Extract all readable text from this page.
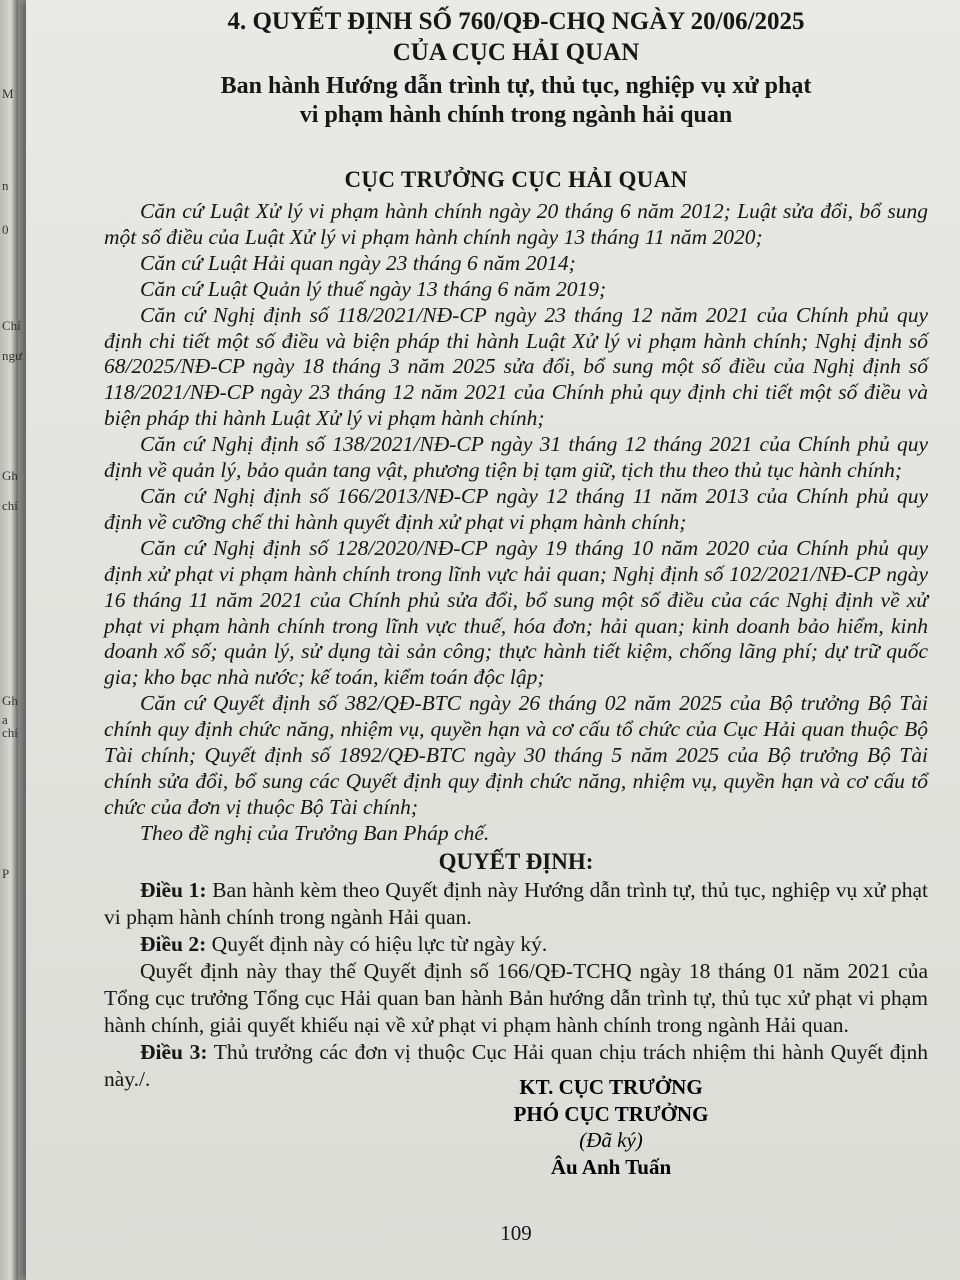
M
n
0
Chí
ngư
Gh
chí
Gh
a
chí
P
4. QUYẾT ĐỊNH SỐ 760/QĐ-CHQ NGÀY 20/06/2025
CỦA CỤC HẢI QUAN
Ban hành Hướng dẫn trình tự, thủ tục, nghiệp vụ xử phạt
vi phạm hành chính trong ngành hải quan
CỤC TRƯỞNG CỤC HẢI QUAN

Căn cứ Luật Xử lý vi phạm hành chính ngày 20 tháng 6 năm 2012; Luật sửa đổi, bổ sung một số điều của Luật Xử lý vi phạm hành chính ngày 13 tháng 11 năm 2020;

Căn cứ Luật Hải quan ngày 23 tháng 6 năm 2014;

Căn cứ Luật Quản lý thuế ngày 13 tháng 6 năm 2019;

Căn cứ Nghị định số 118/2021/NĐ-CP ngày 23 tháng 12 năm 2021 của Chính phủ quy định chi tiết một số điều và biện pháp thi hành Luật Xử lý vi phạm hành chính; Nghị định số 68/2025/NĐ-CP ngày 18 tháng 3 năm 2025 sửa đổi, bổ sung một số điều của Nghị định số 118/2021/NĐ-CP ngày 23 tháng 12 năm 2021 của Chính phủ quy định chi tiết một số điều và biện pháp thi hành Luật Xử lý vi phạm hành chính;

Căn cứ Nghị định số 138/2021/NĐ-CP ngày 31 tháng 12 tháng 2021 của Chính phủ quy định về quản lý, bảo quản tang vật, phương tiện bị tạm giữ, tịch thu theo thủ tục hành chính;

Căn cứ Nghị định số 166/2013/NĐ-CP ngày 12 tháng 11 năm 2013 của Chính phủ quy định về cưỡng chế thi hành quyết định xử phạt vi phạm hành chính;

Căn cứ Nghị định số 128/2020/NĐ-CP ngày 19 tháng 10 năm 2020 của Chính phủ quy định xử phạt vi phạm hành chính trong lĩnh vực hải quan; Nghị định số 102/2021/NĐ-CP ngày 16 tháng 11 năm 2021 của Chính phủ sửa đổi, bổ sung một số điều của các Nghị định về xử phạt vi phạm hành chính trong lĩnh vực thuế, hóa đơn; hải quan; kinh doanh bảo hiểm, kinh doanh xổ số; quản lý, sử dụng tài sản công; thực hành tiết kiệm, chống lãng phí; dự trữ quốc gia; kho bạc nhà nước; kế toán, kiểm toán độc lập;

Căn cứ Quyết định số 382/QĐ-BTC ngày 26 tháng 02 năm 2025 của Bộ trưởng Bộ Tài chính quy định chức năng, nhiệm vụ, quyền hạn và cơ cấu tổ chức của Cục Hải quan thuộc Bộ Tài chính; Quyết định số 1892/QĐ-BTC ngày 30 tháng 5 năm 2025 của Bộ trưởng Bộ Tài chính sửa đổi, bổ sung các Quyết định quy định chức năng, nhiệm vụ, quyền hạn và cơ cấu tổ chức của đơn vị thuộc Bộ Tài chính;

Theo đề nghị của Trưởng Ban Pháp chế.

QUYẾT ĐỊNH:

Điều 1: Ban hành kèm theo Quyết định này Hướng dẫn trình tự, thủ tục, nghiệp vụ xử phạt vi phạm hành chính trong ngành Hải quan.

Điều 2: Quyết định này có hiệu lực từ ngày ký.

Quyết định này thay thế Quyết định số 166/QĐ-TCHQ ngày 18 tháng 01 năm 2021 của Tổng cục trưởng Tổng cục Hải quan ban hành Bản hướng dẫn trình tự, thủ tục xử phạt vi phạm hành chính, giải quyết khiếu nại về xử phạt vi phạm hành chính trong ngành Hải quan.

Điều 3: Thủ trưởng các đơn vị thuộc Cục Hải quan chịu trách nhiệm thi hành Quyết định này./.

109
KT. CỤC TRƯỞNG
PHÓ CỤC TRƯỞNG
(Đã ký)
Âu Anh Tuấn
